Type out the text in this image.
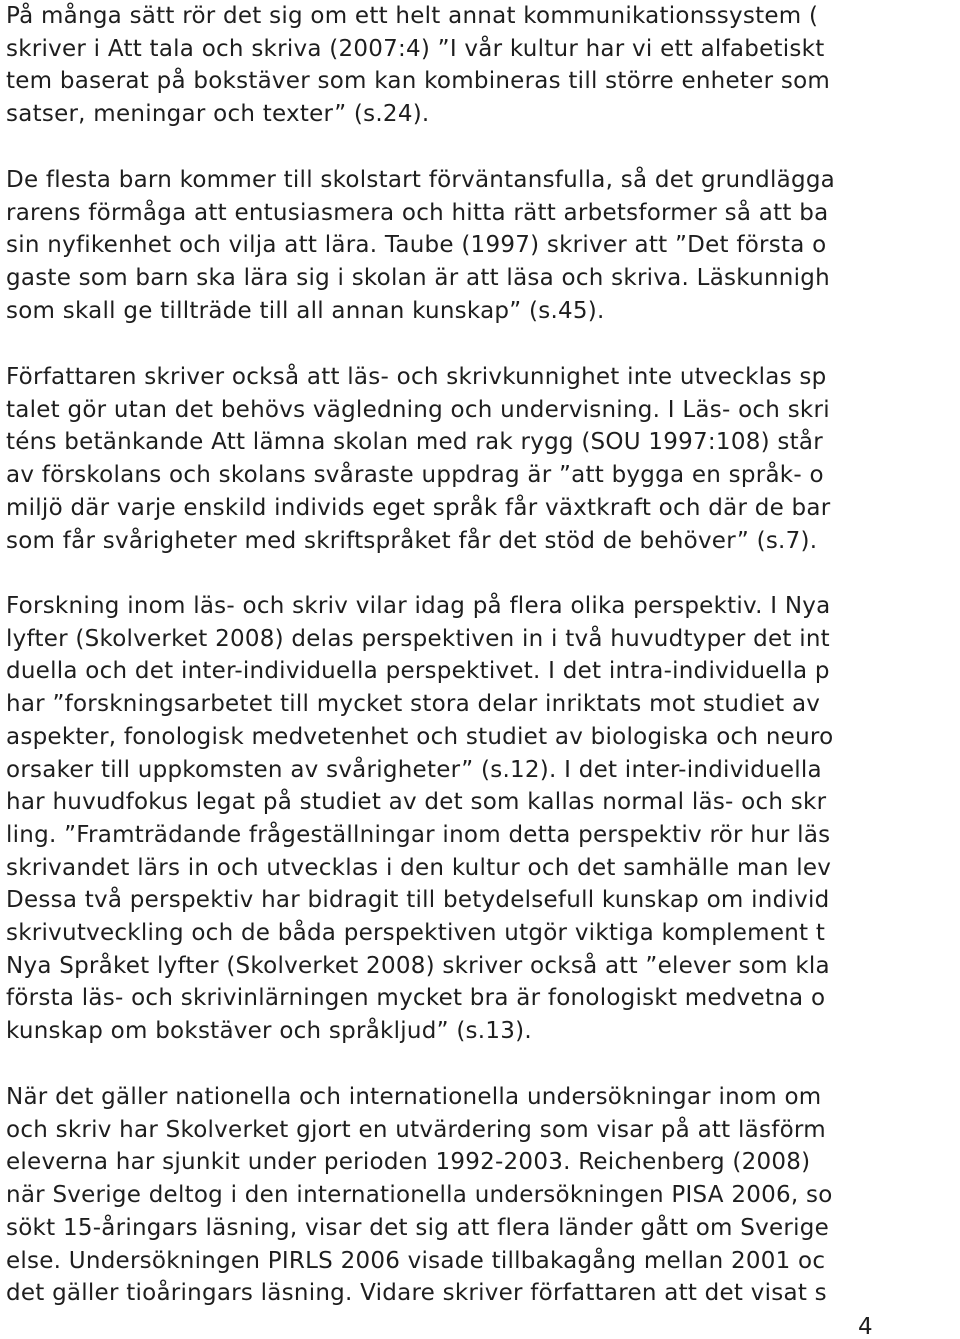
På många sätt rör det sig om ett helt annat kommunikationssystem (
skriver i Att tala och skriva (2007:4) ”I vår kultur har vi ett alfabetiskt
tem baserat på bokstäver som kan kombineras till större enheter som
satser, meningar och texter” (s.24).
De flesta barn kommer till skolstart förväntansfulla, så det grundlägga
rarens förmåga att entusiasmera och hitta rätt arbetsformer så att ba
sin nyfikenhet och vilja att lära. Taube (1997) skriver att ”Det första o
gaste som barn ska lära sig i skolan är att läsa och skriva. Läskunnigh
som skall ge tillträde till all annan kunskap” (s.45).
Författaren skriver också att läs- och skrivkunnighet inte utvecklas sp
talet gör utan det behövs vägledning och undervisning. I Läs- och skri
téns betänkande Att lämna skolan med rak rygg (SOU 1997:108) står
av förskolans och skolans svåraste uppdrag är ”att bygga en språk- o
miljö där varje enskild individs eget språk får växtkraft och där de bar
som får svårigheter med skriftspråket får det stöd de behöver” (s.7).
Forskning inom läs- och skriv vilar idag på flera olika perspektiv. I Nya
lyfter (Skolverket 2008) delas perspektiven in i två huvudtyper det int
duella och det inter-individuella perspektivet. I det intra-individuella p
har ”forskningsarbetet till mycket stora delar inriktats mot studiet av
aspekter, fonologisk medvetenhet och studiet av biologiska och neuro
orsaker till uppkomsten av svårigheter” (s.12). I det inter-individuella
har huvudfokus legat på studiet av det som kallas normal läs- och skr
ling. ”Framträdande frågeställningar inom detta perspektiv rör hur läs
skrivandet lärs in och utvecklas i den kultur och det samhälle man lev
Dessa två perspektiv har bidragit till betydelsefull kunskap om individ
skrivutveckling och de båda perspektiven utgör viktiga komplement t
Nya Språket lyfter (Skolverket 2008) skriver också att ”elever som kla
första läs- och skrivinlärningen mycket bra är fonologiskt medvetna o
kunskap om bokstäver och språkljud” (s.13).
När det gäller nationella och internationella undersökningar inom om
och skriv har Skolverket gjort en utvärdering som visar på att läsförm
eleverna har sjunkit under perioden 1992-2003. Reichenberg (2008)
när Sverige deltog i den internationella undersökningen PISA 2006, so
sökt 15-åringars läsning, visar det sig att flera länder gått om Sverige
else. Undersökningen PIRLS 2006 visade tillbakagång mellan 2001 oc
det gäller tioåringars läsning. Vidare skriver författaren att det visat s
4
